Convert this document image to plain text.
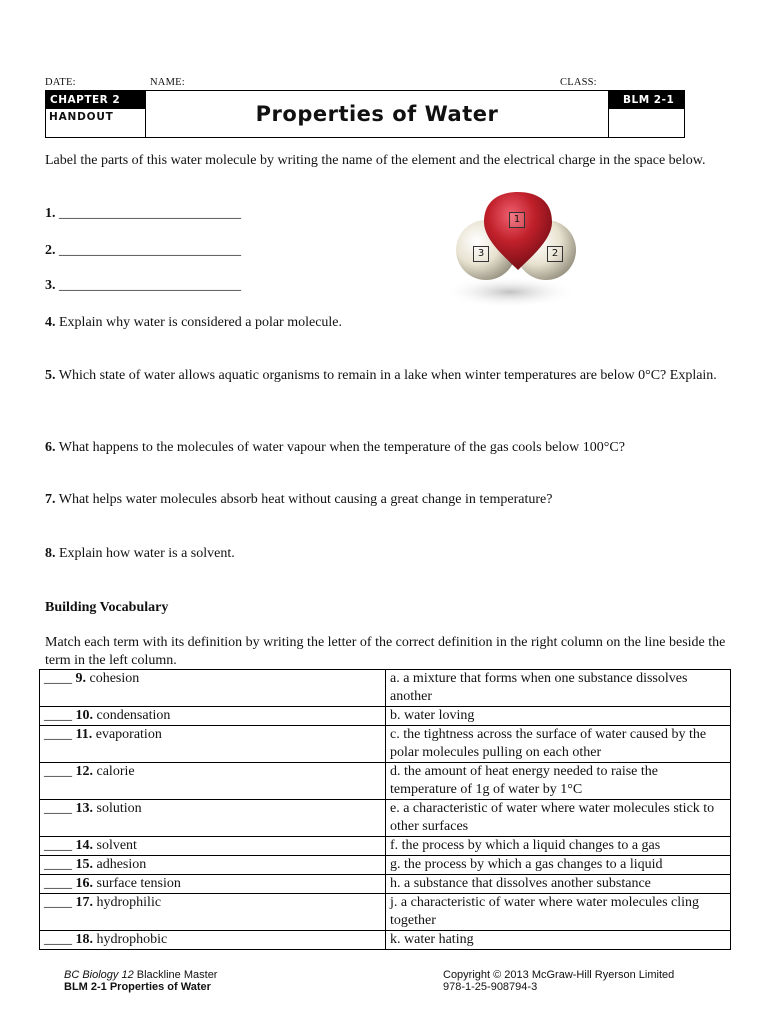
DATE:	NAME:	CLASS:
CHAPTER 2
HANDOUT	Properties of Water
BLM 2-1
Label the parts of this water molecule by writing the name of the element and the electrical charge in the space below.
1. __________________________
2. __________________________
3. __________________________
1
2
3
4. Explain why water is considered a polar molecule.
5. Which state of water allows aquatic organisms to remain in a lake when winter temperatures are below 0°C? Explain.
6. What happens to the molecules of water vapour when the temperature of the gas cools below 100°C?
7. What helps water molecules absorb heat without causing a great change in temperature?
8. Explain how water is a solvent.
Building Vocabulary
Match each term with its definition by writing the letter of the correct definition in the right column on the line beside the term in the left column.
____ 9. cohesion	a. a mixture that forms when one substance dissolves another
____ 10. condensation	b. water loving
____ 11. evaporation	c. the tightness across the surface of water caused by the polar molecules pulling on each other
____ 12. calorie	d. the amount of heat energy needed to raise the temperature of 1g of water by 1°C
____ 13. solution	e. a characteristic of water where water molecules stick to other surfaces
____ 14. solvent	f. the process by which a liquid changes to a gas
____ 15. adhesion	g. the process by which a gas changes to a liquid
____ 16. surface tension	h. a substance that dissolves another substance
____ 17. hydrophilic	j. a characteristic of water where water molecules cling together
____ 18. hydrophobic	k. water hating
BC Biology 12 Blackline Master
BLM 2-1 Properties of Water
Copyright © 2013 McGraw-Hill Ryerson Limited
978-1-25-908794-3
